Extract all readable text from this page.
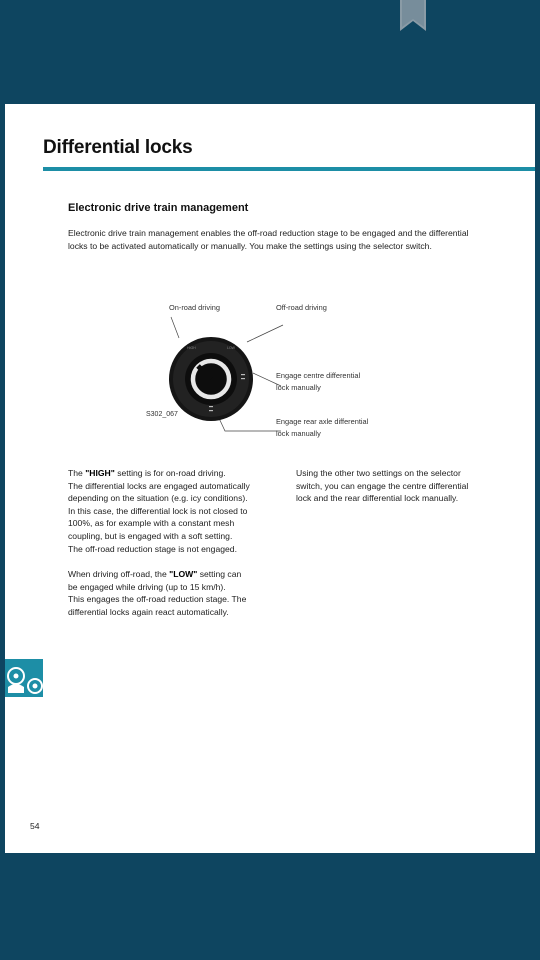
Differential locks
Electronic drive train management
Electronic drive train management enables the off-road reduction stage to be engaged and the differential locks to be activated automatically or manually. You make the settings using the selector switch.
HIGH	LOW
On-road driving	Off-road driving
Engage centre differential
lock manually
Engage rear axle differential
lock manually
S302_067

The "HIGH" setting is for on-road driving.
The differential locks are engaged automatically
depending on the situation (e.g. icy conditions).
In this case, the differential lock is not closed to
100%, as for example with a constant mesh
coupling, but is engaged with a soft setting.
The off-road reduction stage is not engaged.

When driving off-road, the "LOW" setting can
be engaged while driving (up to 15 km/h).
This engages the off-road reduction stage. The
differential locks again react automatically.

Using the other two settings on the selector
switch, you can engage the centre differential
lock and the rear differential lock manually.
54
